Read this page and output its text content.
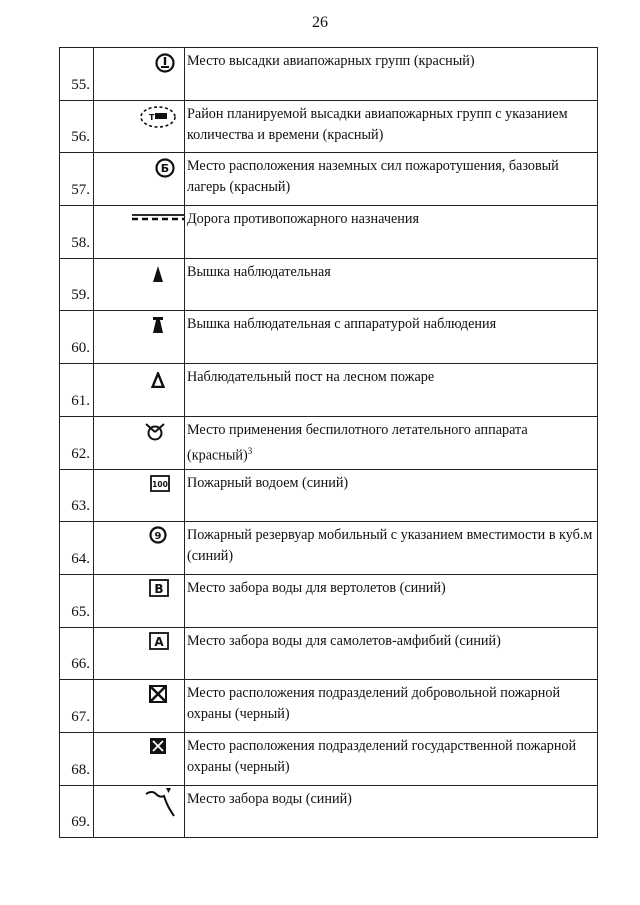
26
55.		Место высадки авиапожарных групп (красный)
56.	T	Район планируемой высадки авиапожарных групп с указанием количества и времени (красный)
57.	Б	Место расположения наземных сил пожаротушения, базовый лагерь (красный)
58.		Дорога противопожарного назначения
59.		Вышка наблюдательная
60.		Вышка наблюдательная с аппаратурой наблюдения
61.		Наблюдательный пост на лесном пожаре
62.		Место применения беспилотного летательного аппарата (красный)$^3$
63.	100	Пожарный водоем (синий)
64.	9	Пожарный резервуар мобильный с указанием вместимости в куб.м (синий)
65.	В	Место забора воды для вертолетов (синий)
66.	А	Место забора воды для самолетов-амфибий (синий)
67.		Место расположения подразделений добровольной пожарной охраны (черный)
68.		Место расположения подразделений государственной пожарной охраны (черный)
69.		Место забора воды (синий)
